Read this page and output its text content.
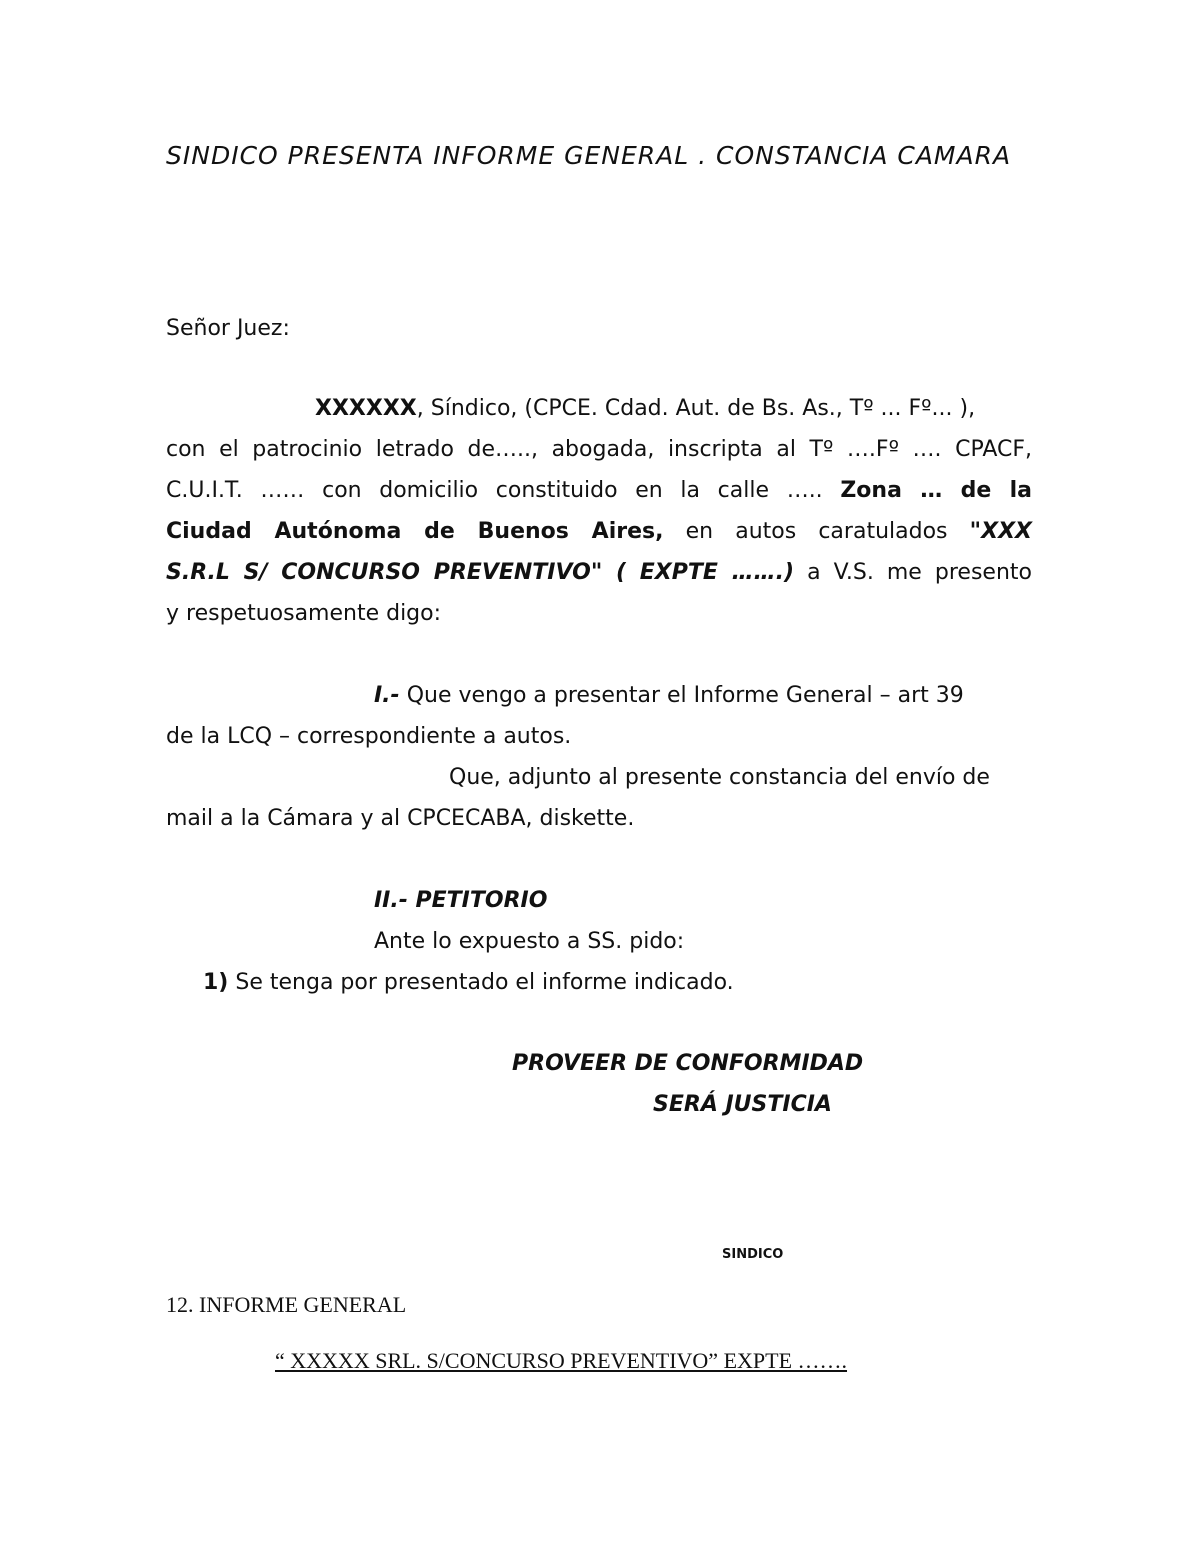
SINDICO PRESENTA INFORME GENERAL . CONSTANCIA CAMARA
Señor Juez:
XXXXXX, Síndico, (CPCE. Cdad. Aut. de Bs. As., Tº ... Fº... ),
con el patrocinio letrado de….., abogada, inscripta al Tº ….Fº …. CPACF,
C.U.I.T. …… con domicilio constituido en la calle ….. Zona … de la
Ciudad Autónoma de Buenos Aires, en autos caratulados "XXX
S.R.L S/ CONCURSO PREVENTIVO" ( EXPTE …….) a V.S. me presento
y respetuosamente digo:
I.- Que vengo a presentar el Informe General – art 39
de la LCQ – correspondiente a autos.
Que, adjunto al presente constancia del envío de
mail a la Cámara y al CPCECABA, diskette.
II.- PETITORIO
Ante lo expuesto a SS. pido:
1) Se tenga por presentado el informe indicado.
PROVEER DE CONFORMIDAD
SERÁ JUSTICIA
SINDICO
12. INFORME GENERAL
“ XXXXX SRL. S/CONCURSO PREVENTIVO” EXPTE …….
